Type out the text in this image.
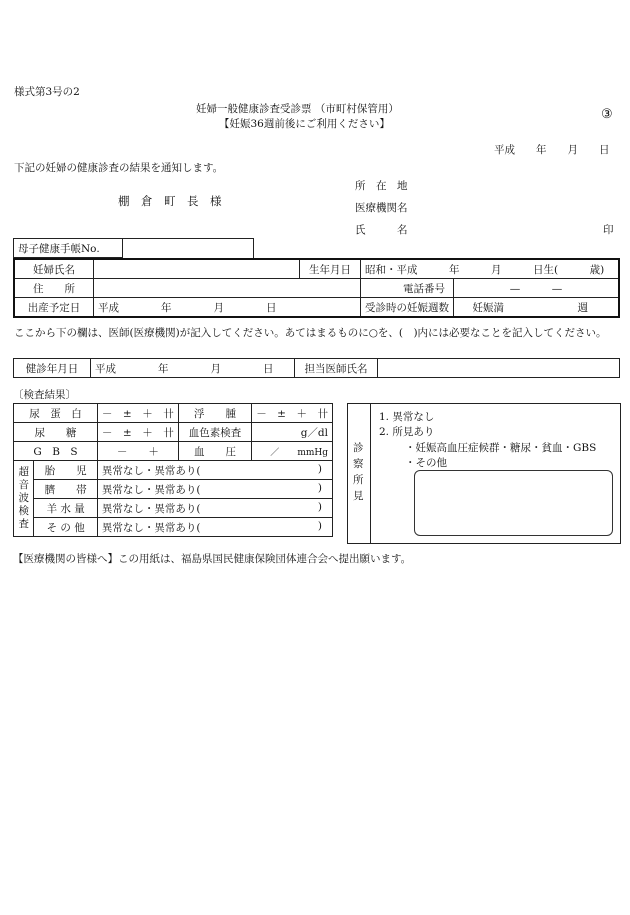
様式第3号の2
妊婦一般健康診査受診票 （市町村保管用）
【妊娠36週前後にご利用ください】
③
平成　　年　　月　　日
下記の妊婦の健康診査の結果を通知します。
棚　倉　町　長　様
所　在　地
医療機関名
氏　　　名	印
母子健康手帳No.	
妊婦氏名		生年月日	昭和・平成　　　年　　　月　　　日生(　　　歳)	
住　　所			電話番号	—　　　—
出産予定日	平成　　　　年　　　　月　　　　日		受診時の妊娠週数	妊娠満　　　　　　　週
ここから下の欄は、医師(医療機関)が記入してください。あてはまるものに○を、(　)内には必要なことを記入してください。
健診年月日	平成　　　　年　　　　月　　　　日	担当医師氏名	
〔検査結果〕
尿　蛋　白		－　±　＋　卄	浮　　腫	－　±　＋　卄
尿　　糖		－　±　＋　卄	血色素検査	g／dl
G　B　S		－　　＋	血　　圧	／　　 mmHg
超音波検査	胎　　児	異常なし・異常あり( )		

	臍　　帯	異常なし・異常あり( )		

	羊 水 量	異常なし・異常あり( )		

	そ の 他	異常なし・異常あり( )		
診察所見
1. 異常なし
2. 所見あり
・妊娠高血圧症候群・糖尿・貧血・GBS
・その他
【医療機関の皆様へ】この用紙は、福島県国民健康保険団体連合会へ提出願います。
